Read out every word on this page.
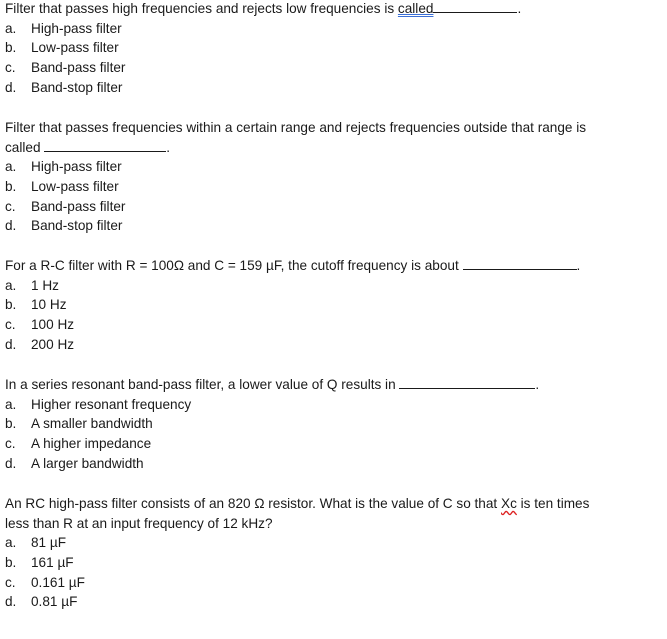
Filter that passes high frequencies and rejects low frequencies is called	.

a. High-pass filter
b. Low-pass filter
c. Band-pass filter
d. Band-stop filter

Filter that passes frequencies within a certain range and rejects frequencies outside that range is
called	.

a. High-pass filter
b. Low-pass filter
c. Band-pass filter
d. Band-stop filter

For a R-C filter with R = 100Ω and C = 159 µF, the cutoff frequency is about	.

a. 1 Hz
b. 10 Hz
c. 100 Hz
d. 200 Hz

In a series resonant band-pass filter, a lower value of Q results in	.

a. Higher resonant frequency
b. A smaller bandwidth
c. A higher impedance
d. A larger bandwidth

An RC high-pass filter consists of an 820 Ω resistor. What is the value of C so that Xc is ten times
less than R at an input frequency of 12 kHz?

a. 81 µF
b. 161 µF
c. 0.161 µF
d. 0.81 µF
